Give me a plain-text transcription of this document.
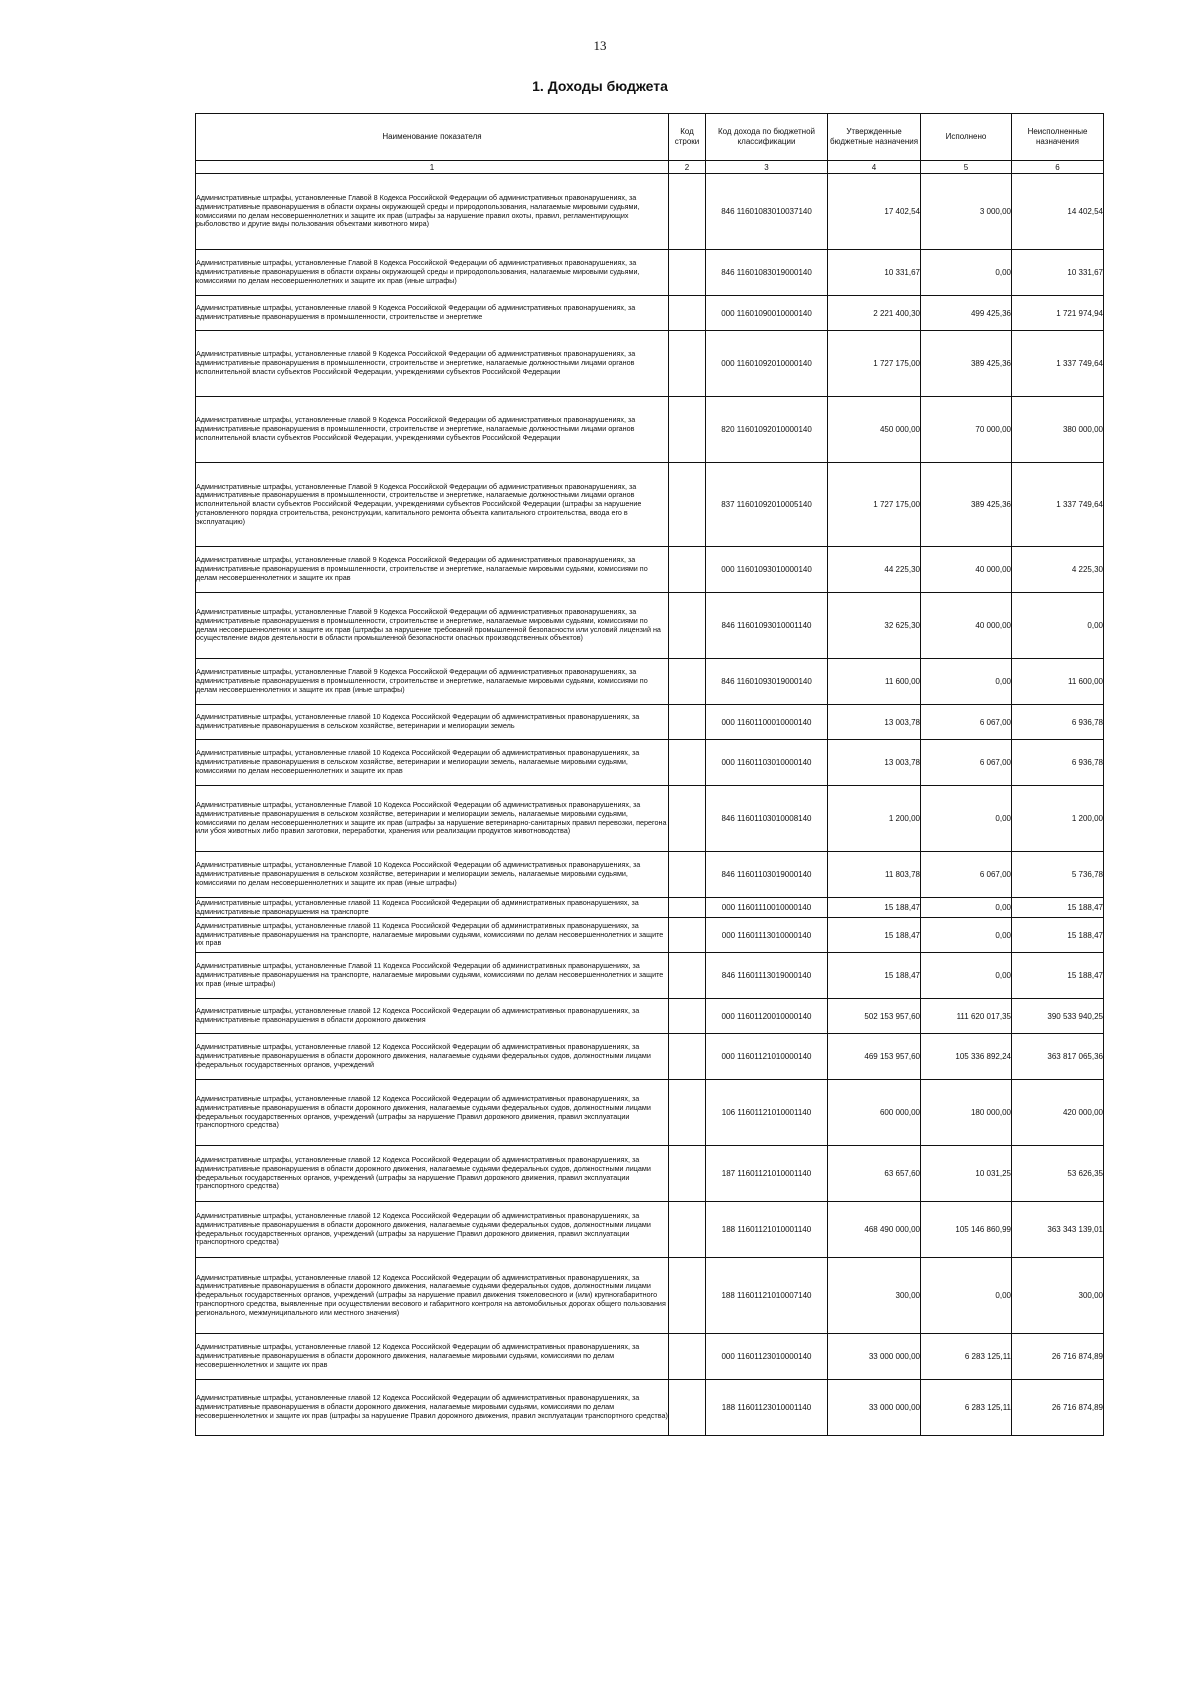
13
1. Доходы бюджета
Наименование показателя	Код строки	Код дохода по бюджетной классификации	Утвержденные бюджетные назначения	Исполнено	Неисполненные назначения
1	2	3	4	5	6
Административные штрафы, установленные Главой 8 Кодекса Российской Федерации об административных правонарушениях, за административные правонарушения в области охраны окружающей среды и природопользования, налагаемые мировыми судьями, комиссиями по делам несовершеннолетних и защите их прав (штрафы за нарушение правил охоты, правил, регламентирующих рыболовство и другие виды пользования объектами животного мира)		846 11601083010037140	17 402,54	3 000,00	14 402,54
Административные штрафы, установленные Главой 8 Кодекса Российской Федерации об административных правонарушениях, за административные правонарушения в области охраны окружающей среды и природопользования, налагаемые мировыми судьями, комиссиями по делам несовершеннолетних и защите их прав (иные штрафы)		846 11601083019000140	10 331,67	0,00	10 331,67
Административные штрафы, установленные главой 9 Кодекса Российской Федерации об административных правонарушениях, за административные правонарушения в промышленности, строительстве и энергетике		000 11601090010000140	2 221 400,30	499 425,36	1 721 974,94
Административные штрафы, установленные главой 9 Кодекса Российской Федерации об административных правонарушениях, за административные правонарушения в промышленности, строительстве и энергетике, налагаемые должностными лицами органов исполнительной власти субъектов Российской Федерации, учреждениями субъектов Российской Федерации		000 11601092010000140	1 727 175,00	389 425,36	1 337 749,64
Административные штрафы, установленные главой 9 Кодекса Российской Федерации об административных правонарушениях, за административные правонарушения в промышленности, строительстве и энергетике, налагаемые должностными лицами органов исполнительной власти субъектов Российской Федерации, учреждениями субъектов Российской Федерации		820 11601092010000140	450 000,00	70 000,00	380 000,00
Административные штрафы, установленные Главой 9 Кодекса Российской Федерации об административных правонарушениях, за административные правонарушения в промышленности, строительстве и энергетике, налагаемые должностными лицами органов исполнительной власти субъектов Российской Федерации, учреждениями субъектов Российской Федерации (штрафы за нарушение установленного порядка строительства, реконструкции, капитального ремонта объекта капитального строительства, ввода его в эксплуатацию)		837 11601092010005140	1 727 175,00	389 425,36	1 337 749,64
Административные штрафы, установленные главой 9 Кодекса Российской Федерации об административных правонарушениях, за административные правонарушения в промышленности, строительстве и энергетике, налагаемые мировыми судьями, комиссиями по делам несовершеннолетних и защите их прав		000 11601093010000140	44 225,30	40 000,00	4 225,30
Административные штрафы, установленные Главой 9 Кодекса Российской Федерации об административных правонарушениях, за административные правонарушения в промышленности, строительстве и энергетике, налагаемые мировыми судьями, комиссиями по делам несовершеннолетних и защите их прав (штрафы за нарушение требований промышленной безопасности или условий лицензий на осуществление видов деятельности в области промышленной безопасности опасных производственных объектов)		846 11601093010001140	32 625,30	40 000,00	0,00
Административные штрафы, установленные Главой 9 Кодекса Российской Федерации об административных правонарушениях, за административные правонарушения в промышленности, строительстве и энергетике, налагаемые мировыми судьями, комиссиями по делам несовершеннолетних и защите их прав (иные штрафы)		846 11601093019000140	11 600,00	0,00	11 600,00
Административные штрафы, установленные главой 10 Кодекса Российской Федерации об административных правонарушениях, за административные правонарушения в сельском хозяйстве, ветеринарии и мелиорации земель		000 11601100010000140	13 003,78	6 067,00	6 936,78
Административные штрафы, установленные главой 10 Кодекса Российской Федерации об административных правонарушениях, за административные правонарушения в сельском хозяйстве, ветеринарии и мелиорации земель, налагаемые мировыми судьями, комиссиями по делам несовершеннолетних и защите их прав		000 11601103010000140	13 003,78	6 067,00	6 936,78
Административные штрафы, установленные Главой 10 Кодекса Российской Федерации об административных правонарушениях, за административные правонарушения в сельском хозяйстве, ветеринарии и мелиорации земель, налагаемые мировыми судьями, комиссиями по делам несовершеннолетних и защите их прав (штрафы за нарушение ветеринарно-санитарных правил перевозки, перегона или убоя животных либо правил заготовки, переработки, хранения или реализации продуктов животноводства)		846 11601103010008140	1 200,00	0,00	1 200,00
Административные штрафы, установленные Главой 10 Кодекса Российской Федерации об административных правонарушениях, за административные правонарушения в сельском хозяйстве, ветеринарии и мелиорации земель, налагаемые мировыми судьями, комиссиями по делам несовершеннолетних и защите их прав (иные штрафы)		846 11601103019000140	11 803,78	6 067,00	5 736,78
Административные штрафы, установленные главой 11 Кодекса Российской Федерации об административных правонарушениях, за административные правонарушения на транспорте		000 11601110010000140	15 188,47	0,00	15 188,47
Административные штрафы, установленные главой 11 Кодекса Российской Федерации об административных правонарушениях, за административные правонарушения на транспорте, налагаемые мировыми судьями, комиссиями по делам несовершеннолетних и защите их прав		000 11601113010000140	15 188,47	0,00	15 188,47
Административные штрафы, установленные Главой 11 Кодекса Российской Федерации об административных правонарушениях, за административные правонарушения на транспорте, налагаемые мировыми судьями, комиссиями по делам несовершеннолетних и защите их прав (иные штрафы)		846 11601113019000140	15 188,47	0,00	15 188,47
Административные штрафы, установленные главой 12 Кодекса Российской Федерации об административных правонарушениях, за административные правонарушения в области дорожного движения		000 11601120010000140	502 153 957,60	111 620 017,35	390 533 940,25
Административные штрафы, установленные главой 12 Кодекса Российской Федерации об административных правонарушениях, за административные правонарушения в области дорожного движения, налагаемые судьями федеральных судов, должностными лицами федеральных государственных органов, учреждений		000 11601121010000140	469 153 957,60	105 336 892,24	363 817 065,36
Административные штрафы, установленные главой 12 Кодекса Российской Федерации об административных правонарушениях, за административные правонарушения в области дорожного движения, налагаемые судьями федеральных судов, должностными лицами федеральных государственных органов, учреждений (штрафы за нарушение Правил дорожного движения, правил эксплуатации транспортного средства)		106 11601121010001140	600 000,00	180 000,00	420 000,00
Административные штрафы, установленные главой 12 Кодекса Российской Федерации об административных правонарушениях, за административные правонарушения в области дорожного движения, налагаемые судьями федеральных судов, должностными лицами федеральных государственных органов, учреждений (штрафы за нарушение Правил дорожного движения, правил эксплуатации транспортного средства)		187 11601121010001140	63 657,60	10 031,25	53 626,35
Административные штрафы, установленные главой 12 Кодекса Российской Федерации об административных правонарушениях, за административные правонарушения в области дорожного движения, налагаемые судьями федеральных судов, должностными лицами федеральных государственных органов, учреждений (штрафы за нарушение Правил дорожного движения, правил эксплуатации транспортного средства)		188 11601121010001140	468 490 000,00	105 146 860,99	363 343 139,01
Административные штрафы, установленные главой 12 Кодекса Российской Федерации об административных правонарушениях, за административные правонарушения в области дорожного движения, налагаемые судьями федеральных судов, должностными лицами федеральных государственных органов, учреждений (штрафы за нарушение правил движения тяжеловесного и (или) крупногабаритного транспортного средства, выявленные при осуществлении весового и габаритного контроля на автомобильных дорогах общего пользования регионального, межмуниципального или местного значения)		188 11601121010007140	300,00	0,00	300,00
Административные штрафы, установленные главой 12 Кодекса Российской Федерации об административных правонарушениях, за административные правонарушения в области дорожного движения, налагаемые мировыми судьями, комиссиями по делам несовершеннолетних и защите их прав		000 11601123010000140	33 000 000,00	6 283 125,11	26 716 874,89
Административные штрафы, установленные главой 12 Кодекса Российской Федерации об административных правонарушениях, за административные правонарушения в области дорожного движения, налагаемые мировыми судьями, комиссиями по делам несовершеннолетних и защите их прав (штрафы за нарушение Правил дорожного движения, правил эксплуатации транспортного средства)		188 11601123010001140	33 000 000,00	6 283 125,11	26 716 874,89
